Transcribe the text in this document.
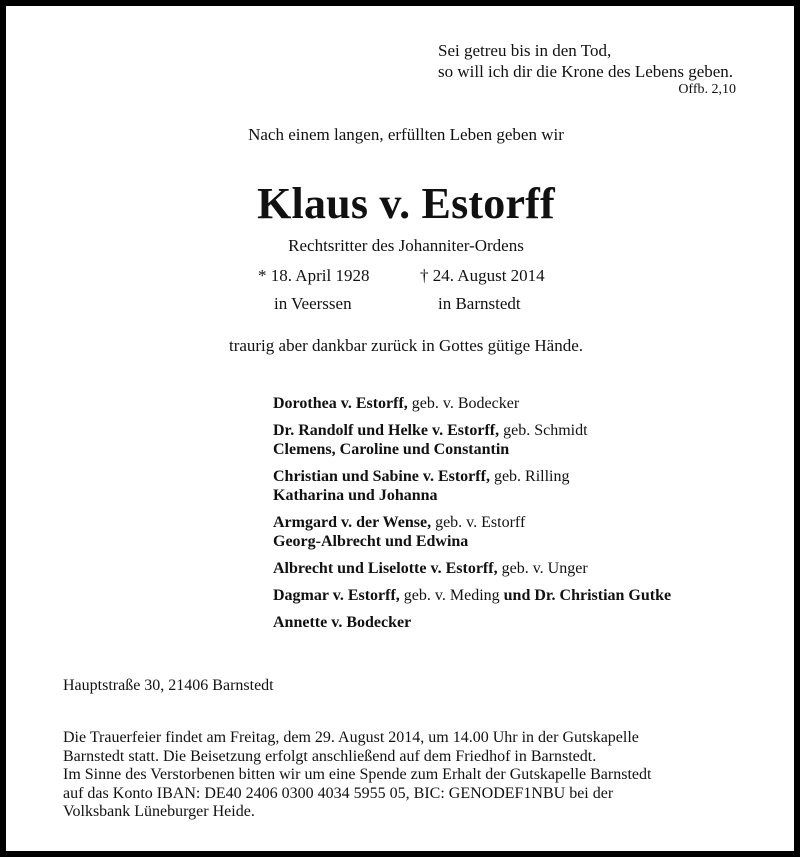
Sei getreu bis in den Tod,
so will ich dir die Krone des Lebens geben.
Offb. 2,10
Nach einem langen, erfüllten Leben geben wir
Klaus v. Estorff
Rechtsritter des Johanniter-Ordens
* 18. April 1928
in Veerssen
† 24. August 2014
in Barnstedt
traurig aber dankbar zurück in Gottes gütige Hände.
Dorothea v. Estorff, geb. v. Bodecker
Dr. Randolf und Helke v. Estorff, geb. Schmidt
Clemens, Caroline und Constantin
Christian und Sabine v. Estorff, geb. Rilling
Katharina und Johanna
Armgard v. der Wense, geb. v. Estorff
Georg-Albrecht und Edwina
Albrecht und Liselotte v. Estorff, geb. v. Unger
Dagmar v. Estorff, geb. v. Meding und Dr. Christian Gutke
Annette v. Bodecker
Hauptstraße 30, 21406 Barnstedt
Die Trauerfeier findet am Freitag, dem 29. August 2014, um 14.00 Uhr in der Gutskapelle
Barnstedt statt. Die Beisetzung erfolgt anschließend auf dem Friedhof in Barnstedt.
Im Sinne des Verstorbenen bitten wir um eine Spende zum Erhalt der Gutskapelle Barnstedt
auf das Konto IBAN: DE40 2406 0300 4034 5955 05, BIC: GENODEF1NBU bei der
Volksbank Lüneburger Heide.
